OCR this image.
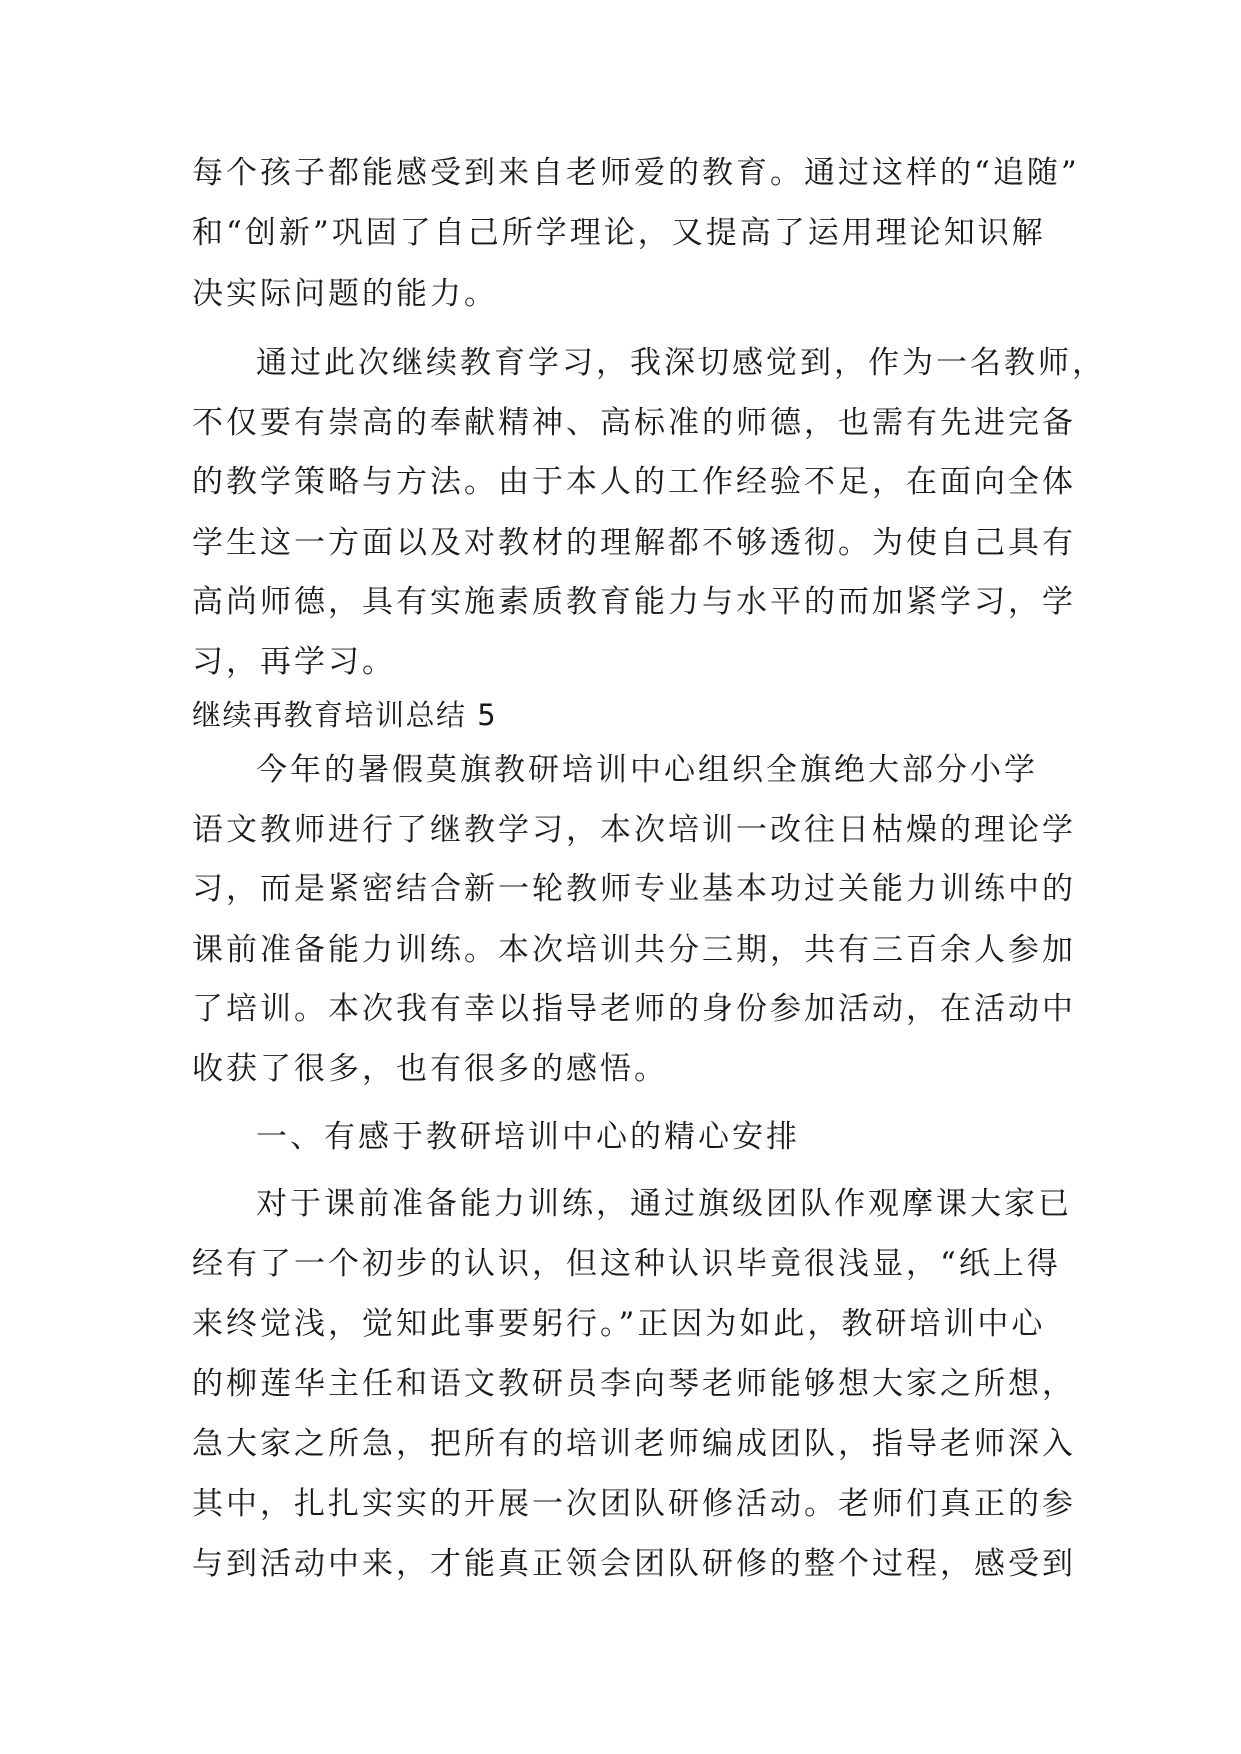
每个孩子都能感受到来自老师爱的教育。通过这样的“追随”
和“创新”巩固了自己所学理论，又提高了运用理论知识解
决实际问题的能力。
通过此次继续教育学习，我深切感觉到，作为一名教师，
不仅要有崇高的奉献精神、高标准的师德，也需有先进完备
的教学策略与方法。由于本人的工作经验不足，在面向全体
学生这一方面以及对教材的理解都不够透彻。为使自己具有
高尚师德，具有实施素质教育能力与水平的而加紧学习，学
习，再学习。
继续再教育培训总结 5
今年的暑假莫旗教研培训中心组织全旗绝大部分小学
语文教师进行了继教学习，本次培训一改往日枯燥的理论学
习，而是紧密结合新一轮教师专业基本功过关能力训练中的
课前准备能力训练。本次培训共分三期，共有三百余人参加
了培训。本次我有幸以指导老师的身份参加活动，在活动中
收获了很多，也有很多的感悟。
一、有感于教研培训中心的精心安排
对于课前准备能力训练，通过旗级团队作观摩课大家已
经有了一个初步的认识，但这种认识毕竟很浅显，“纸上得
来终觉浅，觉知此事要躬行。”正因为如此，教研培训中心
的柳莲华主任和语文教研员李向琴老师能够想大家之所想，
急大家之所急，把所有的培训老师编成团队，指导老师深入
其中，扎扎实实的开展一次团队研修活动。老师们真正的参
与到活动中来，才能真正领会团队研修的整个过程，感受到
